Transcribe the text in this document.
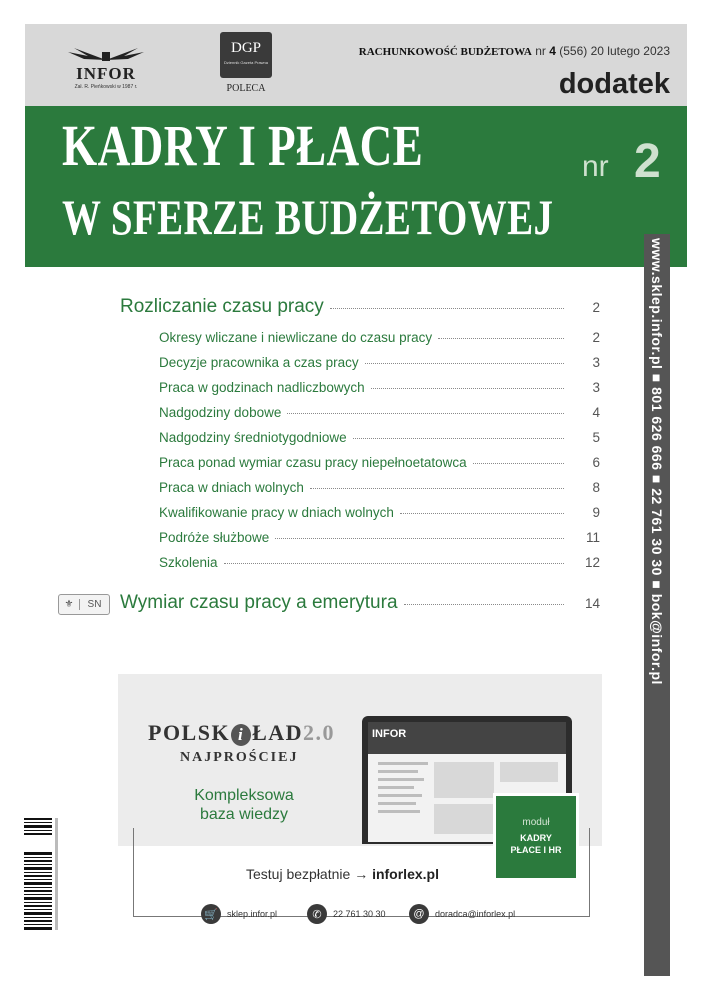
INFOR
Zał. R. Pieńkowski w 1987 r.
DGP
Dziennik Gazeta Prawna
POLECA
RACHUNKOWOŚĆ BUDŻETOWA nr 4 (556) 20 lutego 2023
dodatek
KADRY I PŁACE
W SFERZE BUDŻETOWEJ
nr 2
www.sklep.infor.pl ■ 801 626 666 ■ 22 761 30 30 ■ bok@infor.pl
Rozliczanie czasu pracy	2
Okresy wliczane i niewliczane do czasu pracy	2
Decyzje pracownika a czas pracy	3
Praca w godzinach nadliczbowych	3
Nadgodziny dobowe	4
Nadgodziny średniotygodniowe	5
Praca ponad wymiar czasu pracy niepełnoetatowca	6
Praca w dniach wolnych	8
Kwalifikowanie pracy w dniach wolnych	9
Podróże służbowe	11
Szkolenia	12
⚜	SN Wymiar czasu pracy a emerytura	14
POLSK i ŁAD2.0
NAJPROŚCIEJ
Kompleksowa
baza wiedzy
INFOR
moduł
KADRY
PŁACE I HR
Testuj bezpłatnie → inforlex.pl
🛒	sklep.infor.pl	✆	22 761 30 30	@	doradca@inforlex.pl
